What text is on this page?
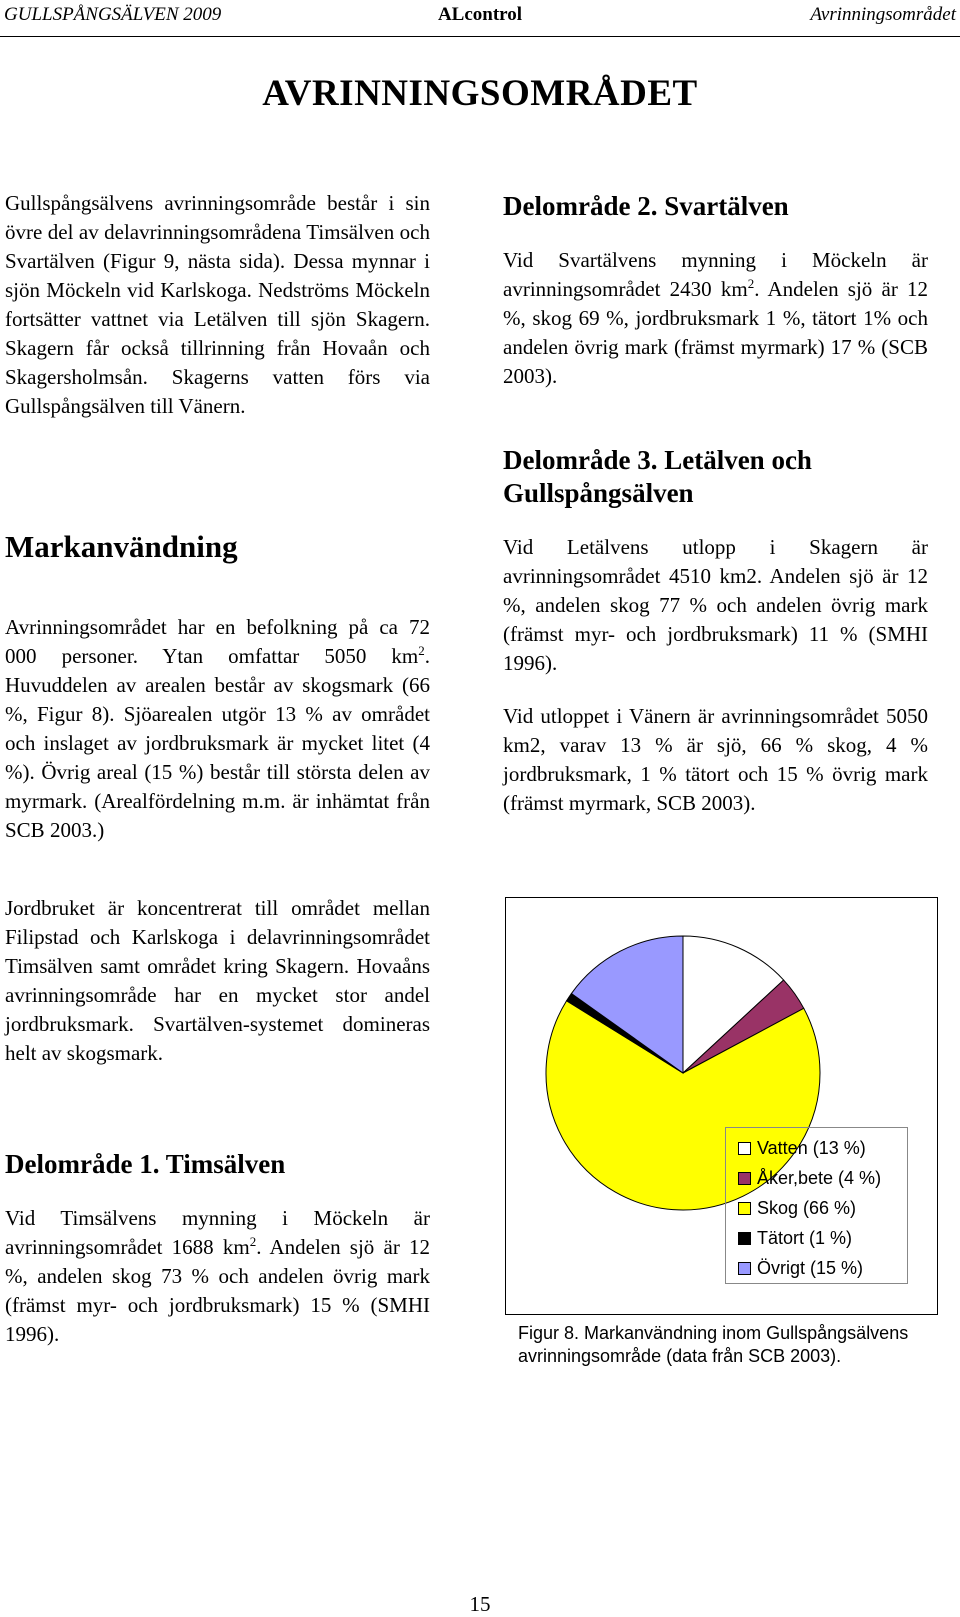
GULLSPÅNGSÄLVEN 2009	ALcontrol	Avrinningsområdet
AVRINNINGSOMRÅDET

Gullspångsälvens avrinningsområde består i sin övre del av delavrinningsområdena Timsälven och Svartälven (Figur 9, nästa sida). Dessa mynnar i sjön Möckeln vid Karlskoga. Nedströms Möckeln fortsätter vattnet via Letälven till sjön Skagern. Skagern får också tillrinning från Hovaån och Skagersholmsån. Skagerns vatten förs via Gullspångsälven till Vänern.

Markanvändning

Avrinningsområdet har en befolkning på ca 72 000 personer. Ytan omfattar 5050 $km^2$. Huvuddelen av arealen består av skogsmark (66 %, Figur 8). Sjöarealen utgör 13 % av området och inslaget av jordbruksmark är mycket litet (4 %). Övrig areal (15 %) består till största delen av myrmark. (Arealfördelning m.m. är inhämtat från SCB 2003.)

Jordbruket är koncentrerat till området mellan Filipstad och Karlskoga i delavrinningsområdet Timsälven samt området kring Skagern. Hovaåns avrinningsområde har en mycket stor andel jordbruksmark. Svartälven-systemet domineras helt av skogsmark.

Delområde 1. Timsälven

Vid Timsälvens mynning i Möckeln är avrinningsområdet 1688 $km^2$. Andelen sjö är 12 %, andelen skog 73 % och andelen övrig mark (främst myr- och jordbruksmark) 15 % (SMHI 1996).

Delområde 2. Svartälven

Vid Svartälvens mynning i Möckeln är avrinningsområdet 2430 $km^2$. Andelen sjö är 12 %, skog 69 %, jordbruksmark 1 %, tätort 1% och andelen övrig mark (främst myrmark) 17 % (SCB 2003).

Delområde 3. Letälven och Gullspångsälven

Vid Letälvens utlopp i Skagern är avrinningsområdet 4510 km2. Andelen sjö är 12 %, andelen skog 77 % och andelen övrig mark (främst myr- och jordbruksmark) 11 % (SMHI 1996).

Vid utloppet i Vänern är avrinningsområdet 5050 km2, varav 13 % är sjö, 66 % skog, 4 % jordbruksmark, 1 % tätort och 15 % övrig mark (främst myrmark, SCB 2003).

Vatten (13 %)
Åker,bete (4 %)
Skog (66 %)
Tätort (1 %)
Övrigt (15 %)
Figur 8. Markanvändning inom Gullspångsälvens avrinningsområde (data från SCB 2003).
15
